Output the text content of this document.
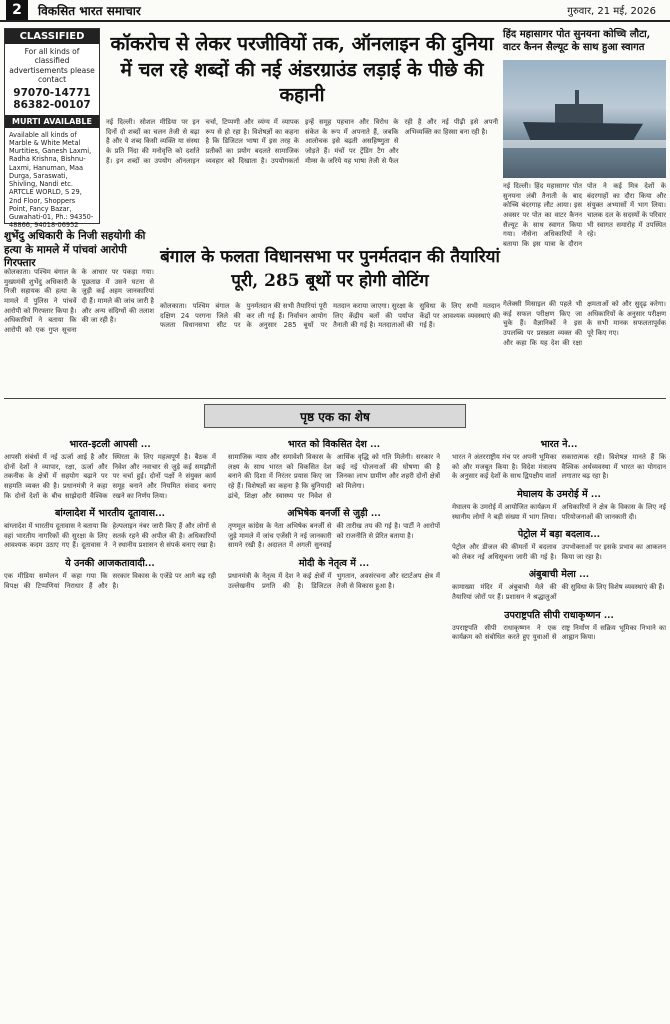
2	विकसित भारत समाचार	गुरुवार, 21 मई, 2026
CLASSIFIED
For all kinds of classified advertisements please contact
97070-14771
86382-00107
MURTI AVAILABLE
Available all kinds of Marble & White Metal Murtities, Ganesh Laxmi, Radha Krishna, Bishnu-Laxmi, Hanuman, Maa Durga, Saraswati, Shivling, Nandi etc. ARTCLE WORLD, S 29, 2nd Floor, Shoppers Point, Fancy Bazar, Guwahati-01, Ph.: 94350-48866, 94018-06952
कॉकरोच से लेकर परजीवियों तक, ऑनलाइन की दुनिया में चल रहे शब्दों की नई अंडरग्राउंड लड़ाई के पीछे की कहानी
नई दिल्ली। सोशल मीडिया पर इन दिनों दो शब्दों का चलन तेजी से बढ़ा है और ये शब्द किसी व्यक्ति या संस्था के प्रति निंदा की मनोवृत्ति को दर्शाते हैं। इन शब्दों का उपयोग ऑनलाइन चर्चा, टिप्पणी और व्यंग्य में व्यापक रूप से हो रहा है। विशेषज्ञों का कहना है कि डिजिटल भाषा में इस तरह के प्रतीकों का प्रयोग बदलते सामाजिक व्यवहार को दिखाता है। उपयोगकर्ता इन्हें समूह पहचान और विरोध के संकेत के रूप में अपनाते हैं, जबकि आलोचक इसे बढ़ती असहिष्णुता से जोड़ते हैं। मंचों पर ट्रेंडिंग टैग और मीम्स के जरिये यह भाषा तेजी से फैल रही है और नई पीढ़ी इसे अपनी अभिव्यक्ति का हिस्सा बना रही है।
हिंद महासागर पोत सुनयना कोच्चि लौटा, वाटर कैनन सैल्यूट के साथ हुआ स्वागत
नई दिल्ली। हिंद महासागर पोत सुनयना लंबी तैनाती के बाद कोच्चि बंदरगाह लौट आया। इस अवसर पर पोत का वाटर कैनन सैल्यूट के साथ स्वागत किया गया। नौसेना अधिकारियों ने बताया कि इस यात्रा के दौरान पोत ने कई मित्र देशों के बंदरगाहों का दौरा किया और संयुक्त अभ्यासों में भाग लिया। चालक दल के सदस्यों के परिवार भी स्वागत समारोह में उपस्थित रहे।
शुभेंदु अधिकारी के निजी सहयोगी की हत्या के मामले में पांचवां आरोपी गिरफ्तार
कोलकाता। पश्चिम बंगाल के मुख्यमंत्री शुभेंदु अधिकारी के निजी सहायक की हत्या के मामले में पुलिस ने पांचवें आरोपी को गिरफ्तार किया है। अधिकारियों ने बताया कि आरोपी को एक गुप्त सूचना के आधार पर पकड़ा गया। पूछताछ में उसने घटना से जुड़ी कई अहम जानकारियां दी हैं। मामले की जांच जारी है और अन्य संदिग्धों की तलाश की जा रही है।
बंगाल के फलता विधानसभा पर पुनर्मतदान की तैयारियां पूरी, 285 बूथों पर होगी वोटिंग
कोलकाता। पश्चिम बंगाल के दक्षिण 24 परगना जिले की फलता विधानसभा सीट पर पुनर्मतदान की सभी तैयारियां पूरी कर ली गई हैं। निर्वाचन आयोग के अनुसार 285 बूथों पर मतदान कराया जाएगा। सुरक्षा के लिए केंद्रीय बलों की पर्याप्त तैनाती की गई है। मतदाताओं की सुविधा के लिए सभी मतदान केंद्रों पर आवश्यक व्यवस्थाएं की गई हैं।
गेलेक्सी मिसाइल की पहले भी कई सफल परीक्षण किए जा चुके हैं। वैज्ञानिकों ने इस उपलब्धि पर प्रसन्नता व्यक्त की और कहा कि यह देश की रक्षा क्षमताओं को और सुदृढ़ करेगा। अधिकारियों के अनुसार परीक्षण के सभी मानक सफलतापूर्वक पूरे किए गए।
पृष्ठ एक का शेष
भारत-इटली आपसी ...
आपसी संबंधों में नई ऊर्जा आई है और दोनों देशों ने व्यापार, रक्षा, ऊर्जा और तकनीक के क्षेत्रों में सहयोग बढ़ाने पर सहमति व्यक्त की है। प्रधानमंत्री ने कहा कि दोनों देशों के बीच साझेदारी वैश्विक स्थिरता के लिए महत्वपूर्ण है। बैठक में निवेश और नवाचार से जुड़े कई समझौतों पर चर्चा हुई। दोनों पक्षों ने संयुक्त कार्य समूह बनाने और नियमित संवाद बनाए रखने का निर्णय लिया।
बांग्लादेश में भारतीय दूतावास...
बांग्लादेश में भारतीय दूतावास ने बताया कि वहां भारतीय नागरिकों की सुरक्षा के लिए आवश्यक कदम उठाए गए हैं। दूतावास ने हेल्पलाइन नंबर जारी किए हैं और लोगों से सतर्क रहने की अपील की है। अधिकारियों ने स्थानीय प्रशासन से संपर्क बनाए रखा है।
ये उनकी आजकतावादी...
एक मीडिया सम्मेलन में कहा गया कि विपक्ष की टिप्पणियां निराधार हैं और सरकार विकास के एजेंडे पर आगे बढ़ रही है।
भारत को विकसित देश ...
सामाजिक न्याय और समावेशी विकास के लक्ष्य के साथ भारत को विकसित देश बनाने की दिशा में निरंतर प्रयास किए जा रहे हैं। विशेषज्ञों का कहना है कि बुनियादी ढांचे, शिक्षा और स्वास्थ्य पर निवेश से आर्थिक वृद्धि को गति मिलेगी। सरकार ने कई नई योजनाओं की घोषणा की है जिनका लाभ ग्रामीण और शहरी दोनों क्षेत्रों को मिलेगा।
अभिषेक बनर्जी से जुड़ी ...
तृणमूल कांग्रेस के नेता अभिषेक बनर्जी से जुड़े मामले में जांच एजेंसी ने नई जानकारी सामने रखी है। अदालत में अगली सुनवाई की तारीख तय की गई है। पार्टी ने आरोपों को राजनीति से प्रेरित बताया है।
मोदी के नेतृत्व में ...
प्रधानमंत्री के नेतृत्व में देश ने कई क्षेत्रों में उल्लेखनीय प्रगति की है। डिजिटल भुगतान, अवसंरचना और स्टार्टअप क्षेत्र में तेजी से विकास हुआ है।
भारत ने...
भारत ने अंतरराष्ट्रीय मंच पर अपनी भूमिका को और मजबूत किया है। विदेश मंत्रालय के अनुसार कई देशों के साथ द्विपक्षीय वार्ता सकारात्मक रही। विशेषज्ञ मानते हैं कि वैश्विक अर्थव्यवस्था में भारत का योगदान लगातार बढ़ रहा है।
मेघालय के उमरोई में ...
मेघालय के उमरोई में आयोजित कार्यक्रम में स्थानीय लोगों ने बड़ी संख्या में भाग लिया। अधिकारियों ने क्षेत्र के विकास के लिए नई परियोजनाओं की जानकारी दी।
पेट्रोल में बड़ा बदलाव...
पेट्रोल और डीजल की कीमतों में बदलाव को लेकर नई अधिसूचना जारी की गई है। उपभोक्ताओं पर इसके प्रभाव का आकलन किया जा रहा है।
अंबुबाची मेला ...
कामाख्या मंदिर में अंबुबाची मेले की तैयारियां जोरों पर हैं। प्रशासन ने श्रद्धालुओं की सुविधा के लिए विशेष व्यवस्थाएं की हैं।
उपराष्ट्रपति सीपी राधाकृष्णन ...
उपराष्ट्रपति सीपी राधाकृष्णन ने एक कार्यक्रम को संबोधित करते हुए युवाओं से राष्ट्र निर्माण में सक्रिय भूमिका निभाने का आह्वान किया।
